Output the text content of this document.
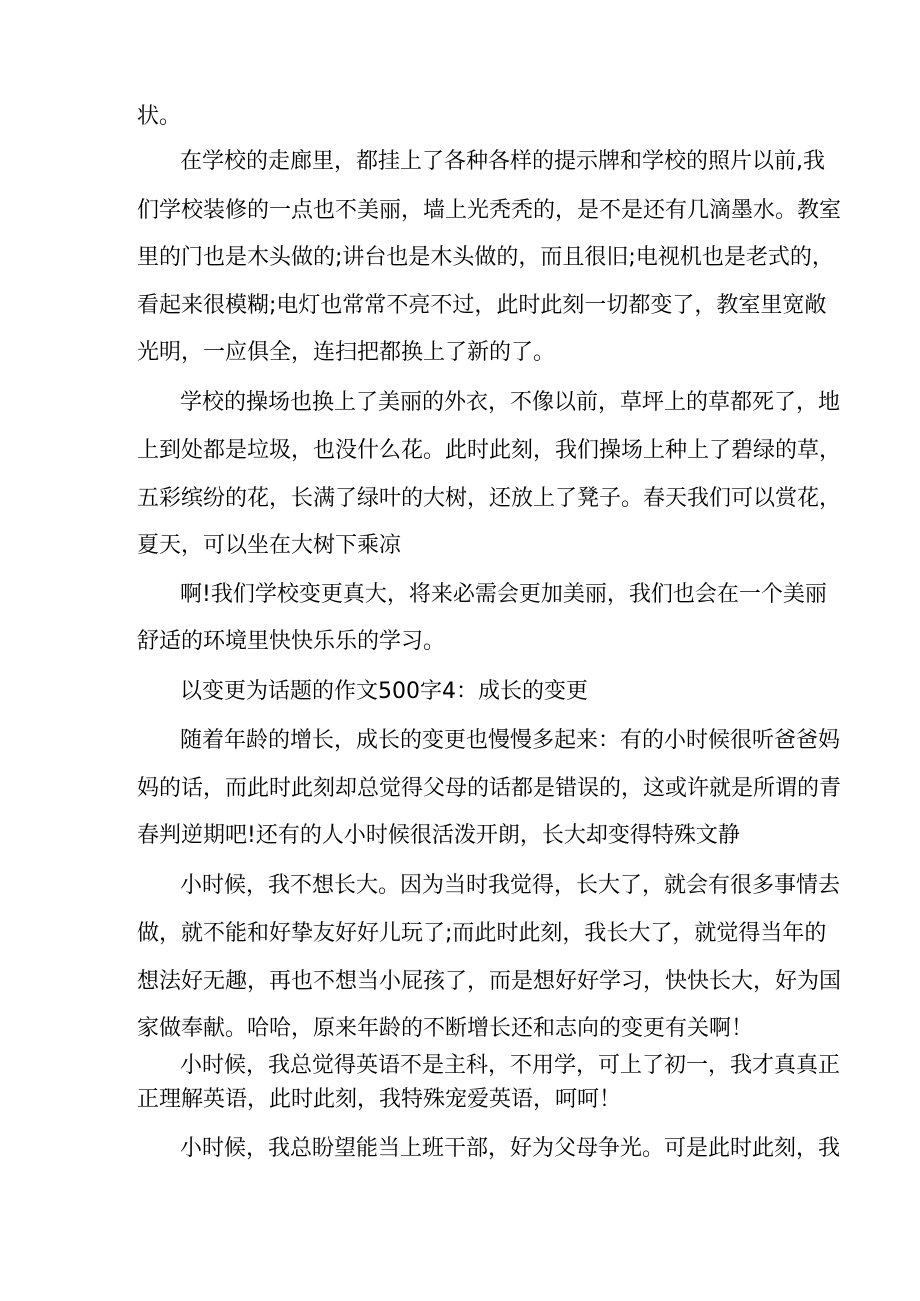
状。

在学校的走廊里，都挂上了各种各样的提示牌和学校的照片以前,我

们学校装修的一点也不美丽，墙上光秃秃的，是不是还有几滴墨水。教室

里的门也是木头做的;讲台也是木头做的，而且很旧;电视机也是老式的，

看起来很模糊;电灯也常常不亮不过，此时此刻一切都变了，教室里宽敞

光明，一应俱全，连扫把都换上了新的了。

学校的操场也换上了美丽的外衣，不像以前，草坪上的草都死了，地

上到处都是垃圾，也没什么花。此时此刻，我们操场上种上了碧绿的草，

五彩缤纷的花，长满了绿叶的大树，还放上了凳子。春天我们可以赏花，

夏天，可以坐在大树下乘凉

啊!我们学校变更真大，将来必需会更加美丽，我们也会在一个美丽

舒适的环境里快快乐乐的学习。

以变更为话题的作文500字4：成长的变更

随着年龄的增长，成长的变更也慢慢多起来：有的小时候很听爸爸妈

妈的话，而此时此刻却总觉得父母的话都是错误的，这或许就是所谓的青

春判逆期吧!还有的人小时候很活泼开朗，长大却变得特殊文静

小时候，我不想长大。因为当时我觉得，长大了，就会有很多事情去

做，就不能和好挚友好好儿玩了;而此时此刻，我长大了，就觉得当年的

想法好无趣，再也不想当小屁孩了，而是想好好学习，快快长大，好为国

家做奉献。哈哈，原来年龄的不断增长还和志向的变更有关啊！

小时候，我总觉得英语不是主科，不用学，可上了初一，我才真真正

正理解英语，此时此刻，我特殊宠爱英语，呵呵！

小时候，我总盼望能当上班干部，好为父母争光。可是此时此刻，我
